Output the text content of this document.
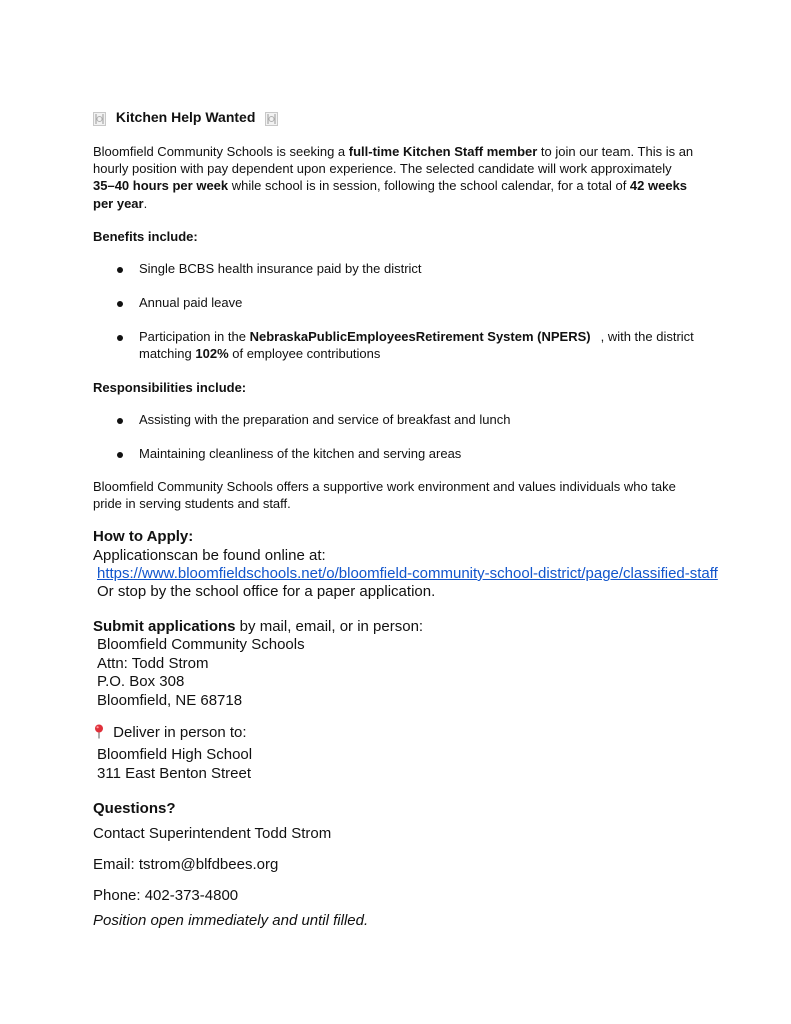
Kitchen Help Wanted
Bloomfield Community Schools is seeking a full-time Kitchen Staff member to join our team. This is an
hourly position with pay dependent upon experience. The selected candidate will work approximately
35–40 hours per week while school is in session, following the school calendar, for a total of 42 weeks
per year.
Benefits include:
Single BCBS health insurance paid by the district
Annual paid leave
Participation in the NebraskaPublicEmployeesRetirement System (NPERS) , with the district
matching 102% of employee contributions
Responsibilities include:
Assisting with the preparation and service of breakfast and lunch
Maintaining cleanliness of the kitchen and serving areas
Bloomfield Community Schools offers a supportive work environment and values individuals who take
pride in serving students and staff.
How to Apply:
Applicationscan be found online at:
https://www.bloomfieldschools.net/o/bloomfield-community-school-district/page/classified-staff
Or stop by the school office for a paper application.
Submit applications by mail, email, or in person:
Bloomfield Community Schools
Attn: Todd Strom
P.O. Box 308
Bloomfield, NE 68718
Deliver in person to:
Bloomfield High School
311 East Benton Street
Questions?
Contact Superintendent Todd Strom
Email: tstrom@blfdbees.org
Phone: 402-373-4800
Position open immediately and until filled.
